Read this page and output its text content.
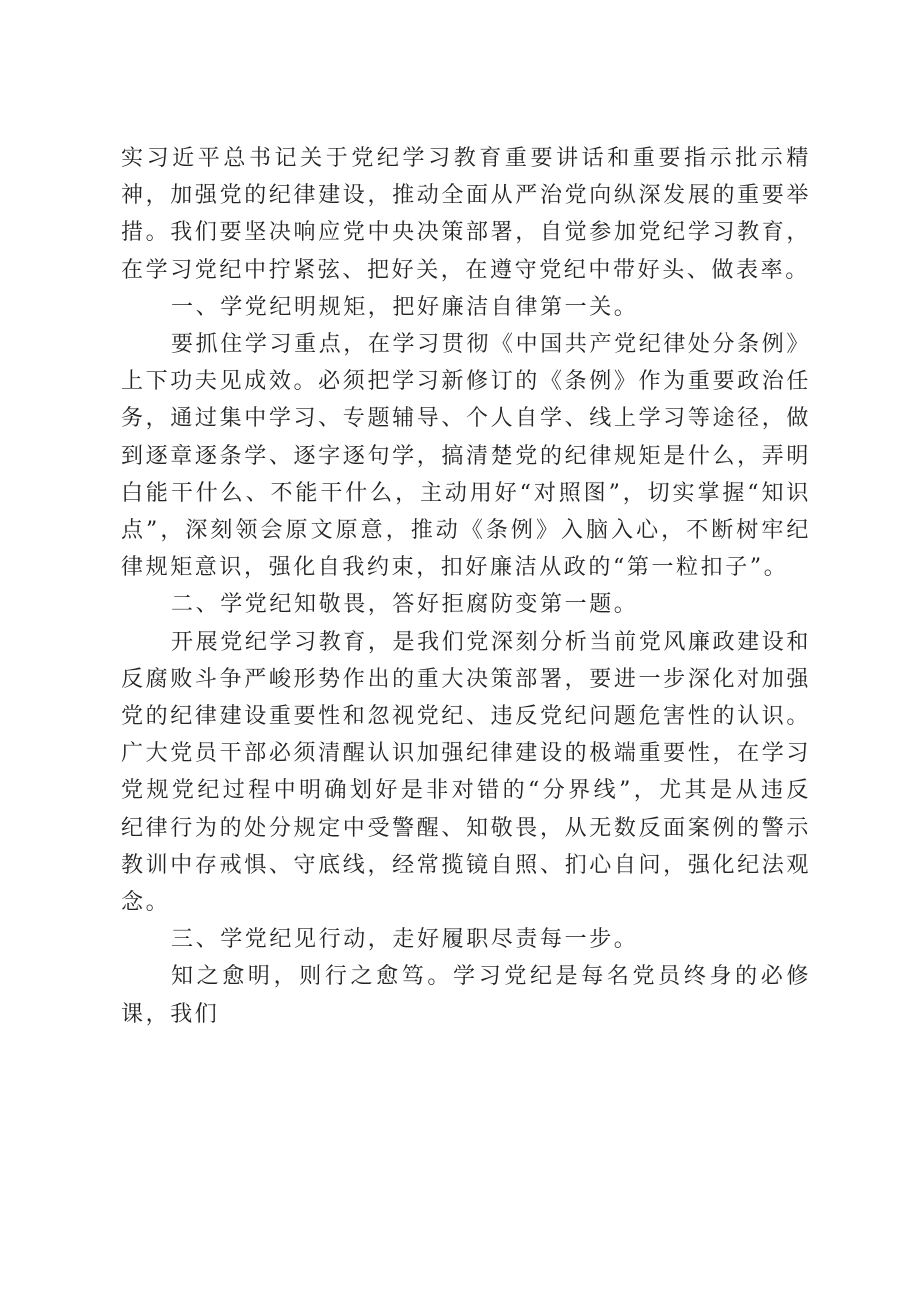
实习近平总书记关于党纪学习教育重要讲话和重要指示批示精神，加强党的纪律建设，推动全面从严治党向纵深发展的重要举措。我们要坚决响应党中央决策部署，自觉参加党纪学习教育，在学习党纪中拧紧弦、把好关，在遵守党纪中带好头、做表率。

一、学党纪明规矩，把好廉洁自律第一关。

要抓住学习重点，在学习贯彻《中国共产党纪律处分条例》上下功夫见成效。必须把学习新修订的《条例》作为重要政治任务，通过集中学习、专题辅导、个人自学、线上学习等途径，做到逐章逐条学、逐字逐句学，搞清楚党的纪律规矩是什么，弄明白能干什么、不能干什么，主动用好“对照图”，切实掌握“知识点”，深刻领会原文原意，推动《条例》入脑入心，不断树牢纪律规矩意识，强化自我约束，扣好廉洁从政的“第一粒扣子”。

二、学党纪知敬畏，答好拒腐防变第一题。

开展党纪学习教育，是我们党深刻分析当前党风廉政建设和反腐败斗争严峻形势作出的重大决策部署，要进一步深化对加强党的纪律建设重要性和忽视党纪、违反党纪问题危害性的认识。广大党员干部必须清醒认识加强纪律建设的极端重要性，在学习党规党纪过程中明确划好是非对错的“分界线”，尤其是从违反纪律行为的处分规定中受警醒、知敬畏，从无数反面案例的警示教训中存戒惧、守底线，经常揽镜自照、扪心自问，强化纪法观念。

三、学党纪见行动，走好履职尽责每一步。

知之愈明，则行之愈笃。学习党纪是每名党员终身的必修课，我们
